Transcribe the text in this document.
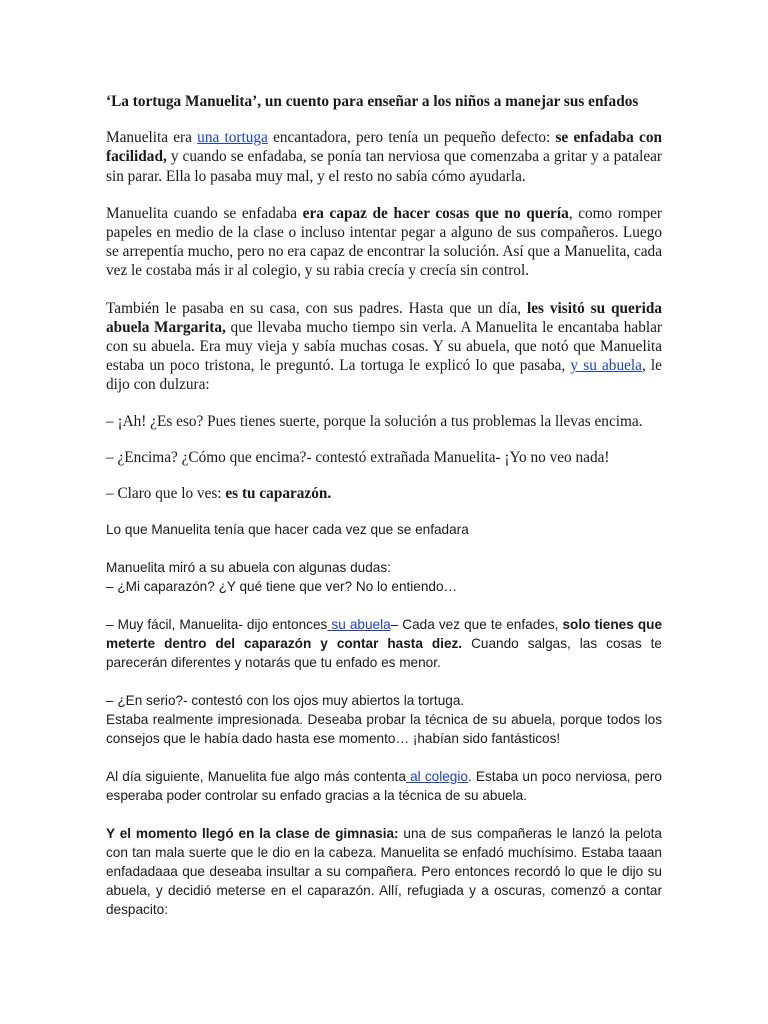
‘La tortuga Manuelita’, un cuento para enseñar a los niños a manejar sus enfados

Manuelita era una tortuga encantadora, pero tenía un pequeño defecto: se enfadaba con facilidad, y cuando se enfadaba, se ponía tan nerviosa que comenzaba a gritar y a patalear sin parar. Ella lo pasaba muy mal, y el resto no sabía cómo ayudarla.

Manuelita cuando se enfadaba era capaz de hacer cosas que no quería, como romper papeles en medio de la clase o incluso intentar pegar a alguno de sus compañeros. Luego se arrepentía mucho, pero no era capaz de encontrar la solución. Así que a Manuelita, cada vez le costaba más ir al colegio, y su rabia crecía y crecía sin control.

También le pasaba en su casa, con sus padres. Hasta que un día, les visitó su querida abuela Margarita, que llevaba mucho tiempo sin verla. A Manuelita le encantaba hablar con su abuela. Era muy vieja y sabía muchas cosas. Y su abuela, que notó que Manuelita estaba un poco tristona, le preguntó. La tortuga le explicó lo que pasaba, y su abuela, le dijo con dulzura:

– ¡Ah! ¿Es eso? Pues tienes suerte, porque la solución a tus problemas la llevas encima.

– ¿Encima? ¿Cómo que encima?- contestó extrañada Manuelita- ¡Yo no veo nada!

– Claro que lo ves: es tu caparazón.

Lo que Manuelita tenía que hacer cada vez que se enfadara

Manuelita miró a su abuela con algunas dudas:

– ¿Mi caparazón? ¿Y qué tiene que ver? No lo entiendo…

– Muy fácil, Manuelita- dijo entonces su abuela– Cada vez que te enfades, solo tienes que meterte dentro del caparazón y contar hasta diez. Cuando salgas, las cosas te parecerán diferentes y notarás que tu enfado es menor.

– ¿En serio?- contestó con los ojos muy abiertos la tortuga.

Estaba realmente impresionada. Deseaba probar la técnica de su abuela, porque todos los consejos que le había dado hasta ese momento… ¡habían sido fantásticos!

Al día siguiente, Manuelita fue algo más contenta al colegio. Estaba un poco nerviosa, pero esperaba poder controlar su enfado gracias a la técnica de su abuela.

Y el momento llegó en la clase de gimnasia: una de sus compañeras le lanzó la pelota con tan mala suerte que le dio en la cabeza. Manuelita se enfadó muchísimo. Estaba taaan enfadadaaa que deseaba insultar a su compañera. Pero entonces recordó lo que le dijo su abuela, y decidió meterse en el caparazón. Allí, refugiada y a oscuras, comenzó a contar despacito:
